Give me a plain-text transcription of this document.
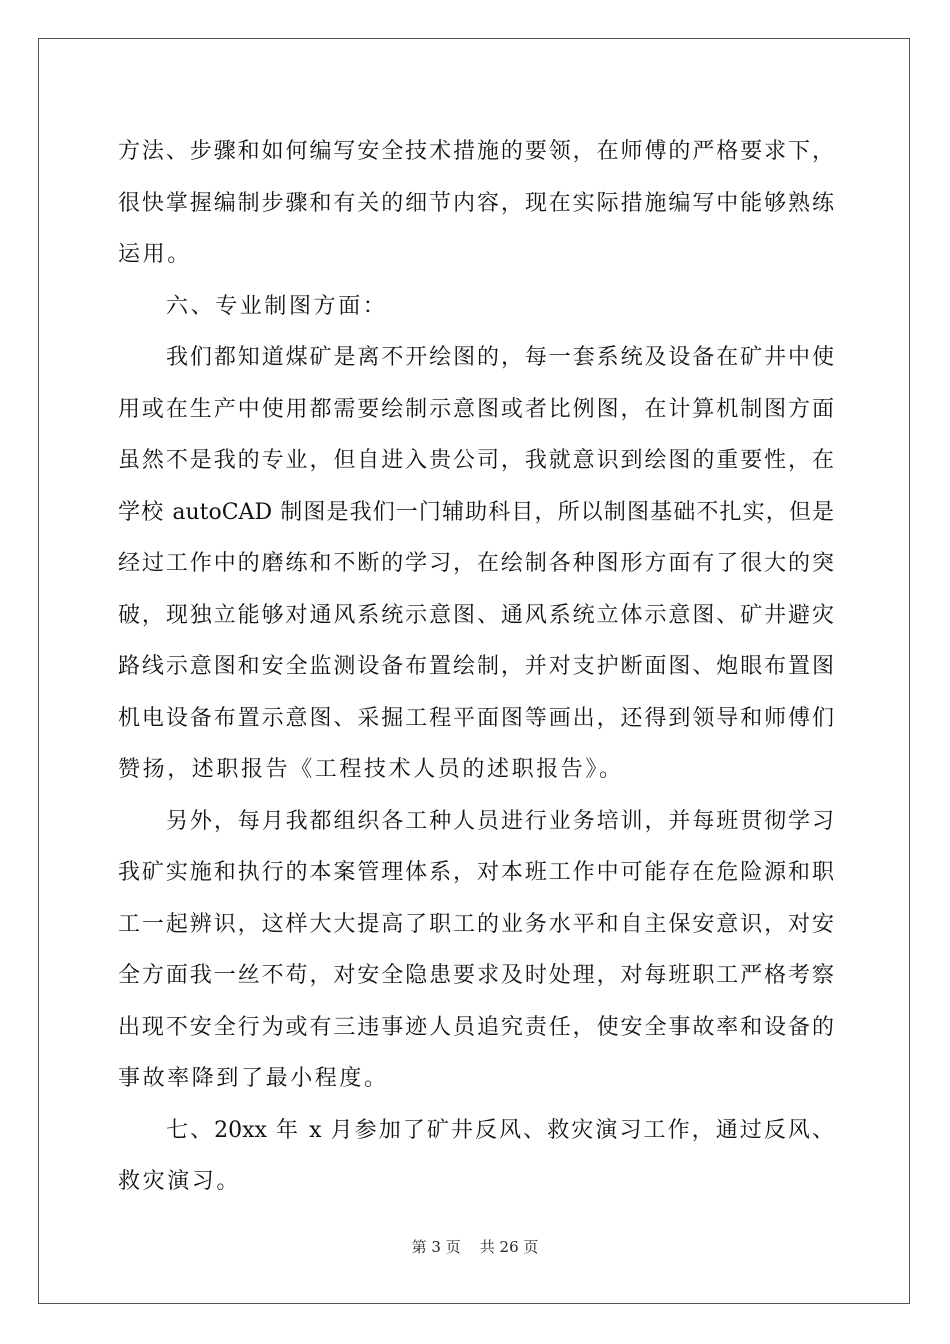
方法、步骤和如何编写安全技术措施的要领，在师傅的严格要求下，
很快掌握编制步骤和有关的细节内容，现在实际措施编写中能够熟练
运用。
六、专业制图方面：
我们都知道煤矿是离不开绘图的，每一套系统及设备在矿井中使
用或在生产中使用都需要绘制示意图或者比例图，在计算机制图方面
虽然不是我的专业，但自进入贵公司，我就意识到绘图的重要性，在
学校 autoCAD 制图是我们一门辅助科目，所以制图基础不扎实，但是
经过工作中的磨练和不断的学习，在绘制各种图形方面有了很大的突
破，现独立能够对通风系统示意图、通风系统立体示意图、矿井避灾
路线示意图和安全监测设备布置绘制，并对支护断面图、炮眼布置图
机电设备布置示意图、采掘工程平面图等画出，还得到领导和师傅们
赞扬，述职报告《工程技术人员的述职报告》。
另外，每月我都组织各工种人员进行业务培训，并每班贯彻学习
我矿实施和执行的本案管理体系，对本班工作中可能存在危险源和职
工一起辨识，这样大大提高了职工的业务水平和自主保安意识，对安
全方面我一丝不苟，对安全隐患要求及时处理，对每班职工严格考察
出现不安全行为或有三违事迹人员追究责任，使安全事故率和设备的
事故率降到了最小程度。
七、20xx 年 x 月参加了矿井反风、救灾演习工作，通过反风、
救灾演习。
第 3 页    共 26 页
